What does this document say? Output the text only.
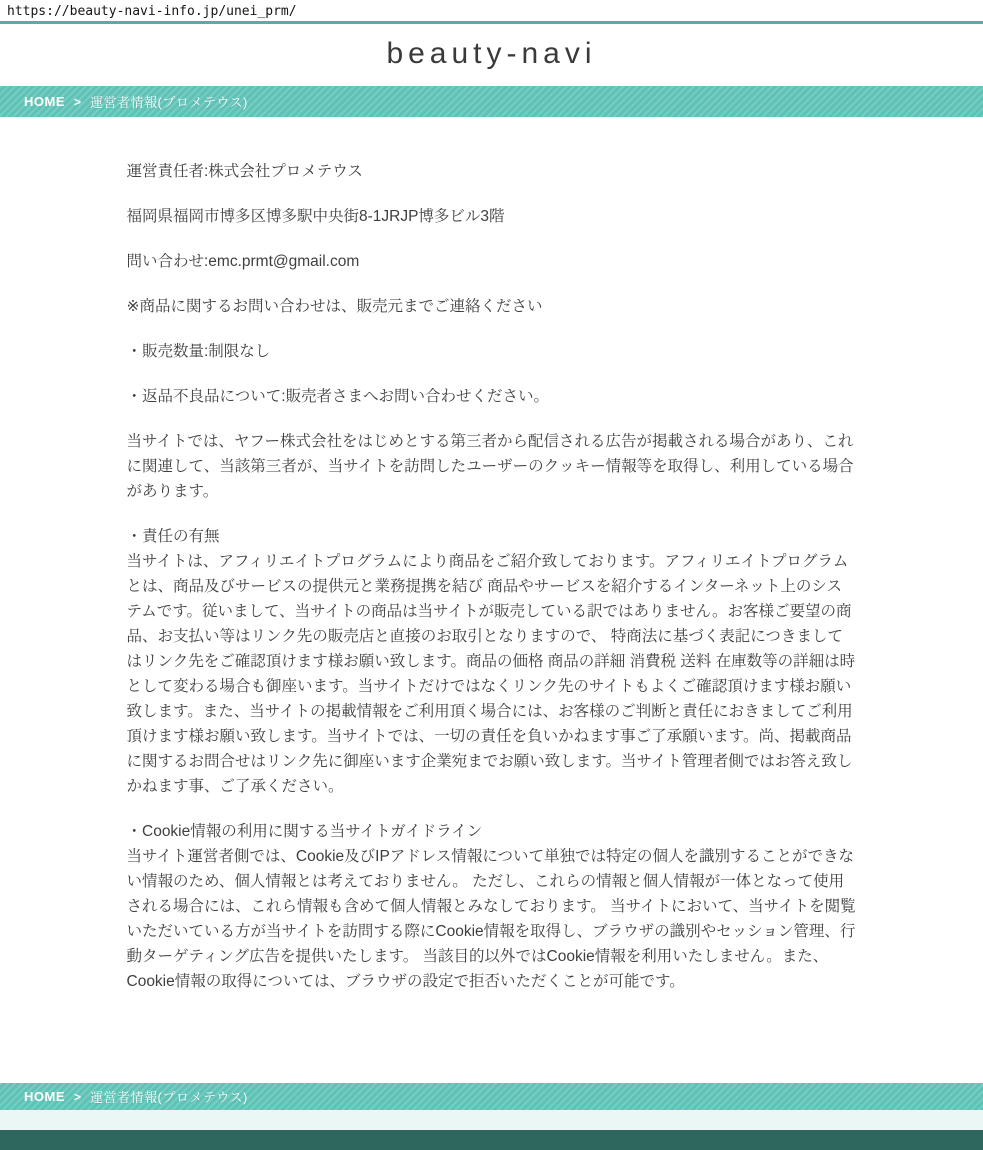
https://beauty-navi-info.jp/unei_prm/
beauty-navi
HOME > 運営者情報(プロメテウス)

運営責任者:株式会社プロメテウス

福岡県福岡市博多区博多駅中央街8-1JRJP博多ビル3階

問い合わせ:emc.prmt@gmail.com

※商品に関するお問い合わせは、販売元までご連絡ください

・販売数量:制限なし

・返品不良品について:販売者さまへお問い合わせください。

当サイトでは、ヤフー株式会社をはじめとする第三者から配信される広告が掲載される場合があり、これに関連して、当該第三者が、当サイトを訪問したユーザーのクッキー情報等を取得し、利用している場合があります。

・責任の有無
当サイトは、アフィリエイトプログラムにより商品をご紹介致しております。アフィリエイトプログラムとは、商品及びサービスの提供元と業務提携を結び 商品やサービスを紹介するインターネット上のシステムです。従いまして、当サイトの商品は当サイトが販売している訳ではありません。お客様ご要望の商品、お支払い等はリンク先の販売店と直接のお取引となりますので、 特商法に基づく表記につきましてはリンク先をご確認頂けます様お願い致します。商品の価格 商品の詳細 消費税 送料 在庫数等の詳細は時として変わる場合も御座います。当サイトだけではなくリンク先のサイトもよくご確認頂けます様お願い致します。また、当サイトの掲載情報をご利用頂く場合には、お客様のご判断と責任におきましてご利用頂けます様お願い致します。当サイトでは、一切の責任を負いかねます事ご了承願います。尚、掲載商品に関するお問合せはリンク先に御座います企業宛までお願い致します。当サイト管理者側ではお答え致しかねます事、ご了承ください。

・Cookie情報の利用に関する当サイトガイドライン
当サイト運営者側では、Cookie及びIPアドレス情報について単独では特定の個人を識別することができない情報のため、個人情報とは考えておりません。 ただし、これらの情報と個人情報が一体となって使用される場合には、これら情報も含めて個人情報とみなしております。 当サイトにおいて、当サイトを閲覧いただいている方が当サイトを訪問する際にCookie情報を取得し、ブラウザの識別やセッション管理、行動ターゲティング広告を提供いたします。 当該目的以外ではCookie情報を利用いたしません。また、Cookie情報の取得については、ブラウザの設定で拒否いただくことが可能です。

HOME > 運営者情報(プロメテウス)
